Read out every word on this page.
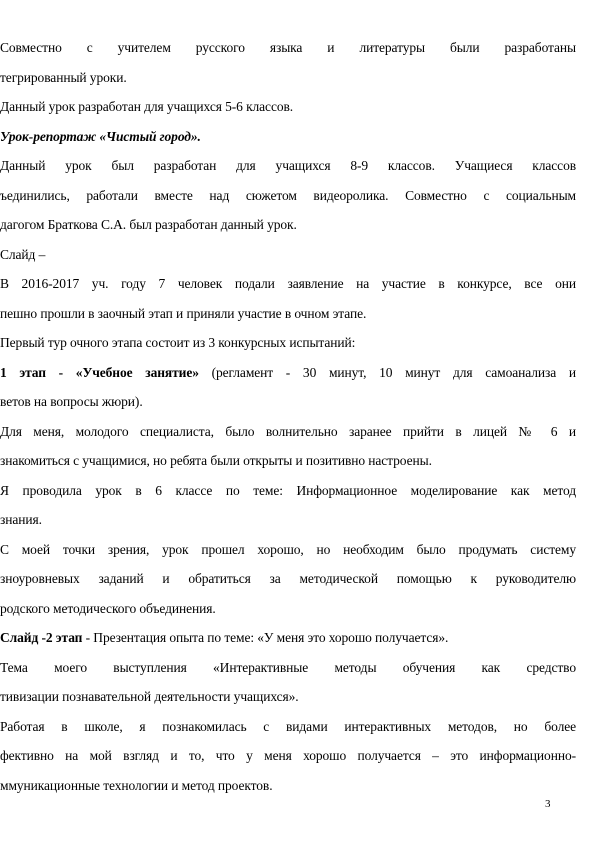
Совместно с учителем русского языка и литературы были разработаны
тегрированный уроки.
Данный урок разработан для учащихся 5-6 классов.
Урок-репортаж «Чистый город».
Данный урок был разработан для учащихся 8-9 классов. Учащиеся классов
ъединились, работали вместе над сюжетом видеоролика. Совместно с социальным
дагогом Браткова С.А. был разработан данный урок.
Слайд –
В 2016-2017 уч. году 7 человек подали заявление на участие в конкурсе, все они
пешно прошли в заочный этап и приняли участие в очном этапе.
Первый тур очного этапа состоит из 3 конкурсных испытаний:
1 этап - «Учебное занятие» (регламент - 30 минут, 10 минут для самоанализа и
ветов на вопросы жюри).
Для меня, молодого специалиста, было волнительно заранее прийти в лицей № 6 и
знакомиться с учащимися, но ребята были открыты и позитивно настроены.
Я проводила урок в 6 классе по теме: Информационное моделирование как метод
знания.
С моей точки зрения, урок прошел хорошо, но необходим было продумать систему
зноуровневых заданий и обратиться за методической помощью к руководителю
родского методического объединения.
Слайд -2 этап - Презентация опыта по теме: «У меня это хорошо получается».
Тема моего выступления «Интерактивные методы обучения как средство
тивизации познавательной деятельности учащихся».
Работая в школе, я познакомилась с видами интерактивных методов, но более
фективно на мой взгляд и то, что у меня хорошо получается – это информационно-
ммуникационные технологии и метод проектов.
3
